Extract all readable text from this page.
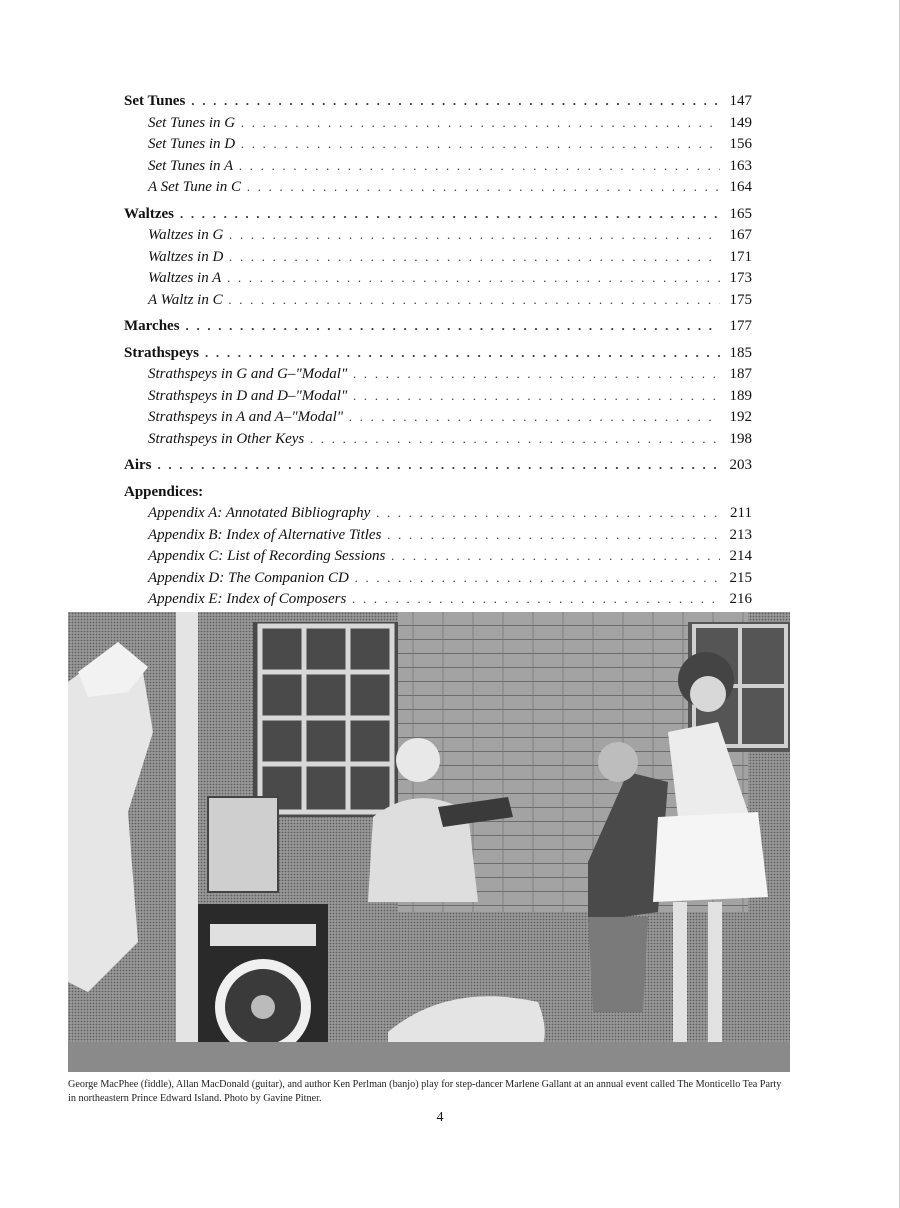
Set Tunes . . .	147
Set Tunes in G . . .	149
Set Tunes in D . . .	156
Set Tunes in A . . .	163
A Set Tune in C . . .	164
Waltzes . . .	165
Waltzes in G . . .	167
Waltzes in D . . .	171
Waltzes in A . . .	173
A Waltz in C . . .	175
Marches . . .	177
Strathspeys . . .	185
Strathspeys in G and G–"Modal" . . .	187
Strathspeys in D and D–"Modal" . . .	189
Strathspeys in A and A–"Modal" . . .	192
Strathspeys in Other Keys . . .	198
Airs . . .	203
Appendices:
Appendix A: Annotated Bibliography . . .	211
Appendix B: Index of Alternative Titles . . .	213
Appendix C: List of Recording Sessions . . .	214
Appendix D: The Companion CD . . .	215
Appendix E: Index of Composers . . .	216
George MacPhee (fiddle), Allan MacDonald (guitar), and author Ken Perlman (banjo) play for step-dancer Marlene Gallant at an annual event called The Monticello Tea Party in northeastern Prince Edward Island. Photo by Gavine Pitner.
4
